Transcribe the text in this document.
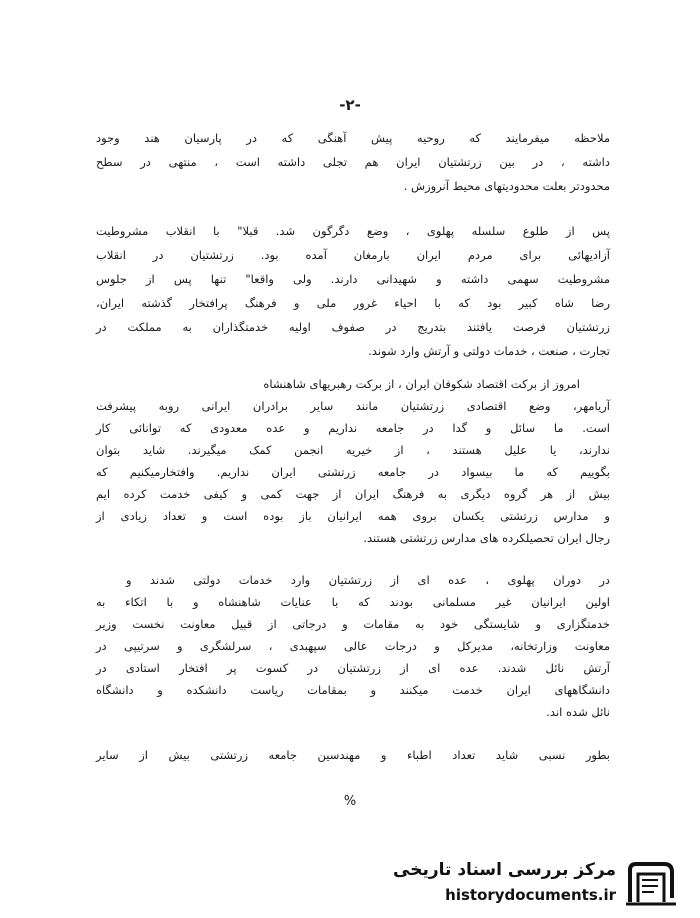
-۲-
ملاحظه میفرمایند که روحیه پیش آهنگی که در پارسیان هند وجود
داشته ، در بین زرتشتیان ایران هم تجلی داشته است ، منتهی در سطح
محدودتر بعلت محدودیتهای محیط آنروزش .
پس از طلوع سلسله پهلوی ، وضع دگرگون شد. قبلا" با انقلاب مشروطیت
آزادیهائی برای مردم ایران بارمغان آمده بود. زرتشتیان در انقلاب
مشروطیت سهمی داشته و شهیدانی دارند. ولی واقعا" تنها پس از جلوس
رضا شاه کبیر بود که با احیاء غرور ملی و فرهنگ پرافتخار گذشته ایران،
زرتشتیان فرصت یافتند بتدریج در صفوف اولیه خدمتگذاران به مملکت در
تجارت ، صنعت ، خدمات دولتی و آرتش وارد شوند.
امروز از برکت اقتصاد شکوفان ایران ، از برکت رهبریهای شاهنشاه
آریامهر، وضع اقتصادی زرتشتیان مانند سایر برادران ایرانی روبه پیشرفت
است. ما سائل و گدا در جامعه نداریم و عده معدودی که توانائی کار
ندارند، یا علیل هستند ، از خیریه انجمن کمک میگیرند. شاید بتوان
بگوییم که ما بیسواد در جامعه زرتشتی ایران نداریم. وافتخارمیکنیم که
بیش از هر گروه دیگری به فرهنگ ایران از جهت کمی و کیفی خدمت کرده ایم
و مدارس زرتشتی یکسان بروی همه ایرانیان باز بوده است و تعداد زیادی از
رجال ایران تحصیلکرده های مدارس زرتشتی هستند.
در دوران پهلوی ، عده ای از زرتشتیان وارد خدمات دولتی شدند و
اولین ایرانیان غیر مسلمانی بودند که با عنایات شاهنشاه و با اتکاء به
خدمتگزاری و شایستگی خود به مقامات و درجاتی از قبیل معاونت نخست وزیر
معاونت وزارتخانه، مدیرکل و درجات عالی سپهبدی ، سرلشگری و سرتیپی در
آرتش نائل شدند. عده ای از زرتشتیان در کسوت پر افتخار استادی در
دانشگاههای ایران خدمت میکنند و بمقامات ریاست دانشکده و دانشگاه
نائل شده اند.
بطور نسبی شاید تعداد اطباء و مهندسین جامعه زرتشتی بیش از سایر
%
مرکز بررسی اسناد تاریخی
historydocuments.ir
